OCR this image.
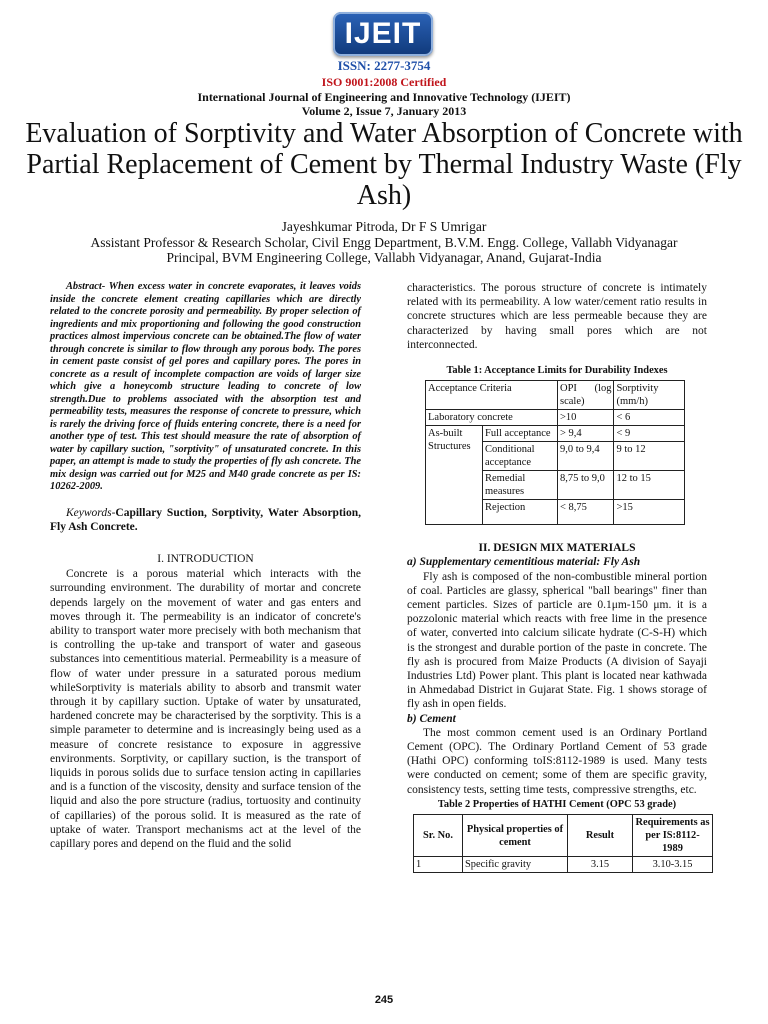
IJEIT
ISSN: 2277-3754
ISO 9001:2008 Certified
International Journal of Engineering and Innovative Technology (IJEIT)
Volume 2, Issue 7, January 2013
Evaluation of Sorptivity and Water Absorption of Concrete with Partial Replacement of Cement by Thermal Industry Waste (Fly Ash)
Jayeshkumar Pitroda, Dr F S Umrigar
Assistant Professor & Research Scholar, Civil Engg Department, B.V.M. Engg. College, Vallabh Vidyanagar
Principal, BVM Engineering College, Vallabh Vidyanagar, Anand, Gujarat-India

Abstract- When excess water in concrete evaporates, it leaves voids inside the concrete element creating capillaries which are directly related to the concrete porosity and permeability. By proper selection of ingredients and mix proportioning and following the good construction practices almost impervious concrete can be obtained.The flow of water through concrete is similar to flow through any porous body. The pores in cement paste consist of gel pores and capillary pores. The pores in concrete as a result of incomplete compaction are voids of larger size which give a honeycomb structure leading to concrete of low strength.Due to problems associated with the absorption test and permeability tests, measures the response of concrete to pressure, which is rarely the driving force of fluids entering concrete, there is a need for another type of test. This test should measure the rate of absorption of water by capillary suction, "sorptivity" of unsaturated concrete. In this paper, an attempt is made to study the properties of fly ash concrete. The mix design was carried out for M25 and M40 grade concrete as per IS: 10262-2009.

Keywords-Capillary Suction, Sorptivity, Water Absorption, Fly Ash Concrete.

I. INTRODUCTION

Concrete is a porous material which interacts with the surrounding environment. The durability of mortar and concrete depends largely on the movement of water and gas enters and moves through it. The permeability is an indicator of concrete's ability to transport water more precisely with both mechanism that is controlling the up-take and transport of water and gaseous substances into cementitious material. Permeability is a measure of flow of water under pressure in a saturated porous medium whileSorptivity is materials ability to absorb and transmit water through it by capillary suction. Uptake of water by unsaturated, hardened concrete may be characterised by the sorptivity. This is a simple parameter to determine and is increasingly being used as a measure of concrete resistance to exposure in aggressive environments. Sorptivity, or capillary suction, is the transport of liquids in porous solids due to surface tension acting in capillaries and is a function of the viscosity, density and surface tension of the liquid and also the pore structure (radius, tortuosity and continuity of capillaries) of the porous solid. It is measured as the rate of uptake of water. Transport mechanisms act at the level of the capillary pores and depend on the fluid and the solid

characteristics. The porous structure of concrete is intimately related with its permeability. A low water/cement ratio results in concrete structures which are less permeable because they are characterized by having small pores which are not interconnected.

Table 1: Acceptance Limits for Durability Indexes

Acceptance Criteria		OPI (log scale)	Sorptivity (mm/h)
Laboratory concrete		>10	< 6
As-built Structures	Full acceptance	> 9,4	< 9
	Conditional acceptance	9,0 to 9,4	9 to 12
	Remedial measures	8,75 to 9,0	12 to 15
	Rejection	< 8,75	>15

II. DESIGN MIX MATERIALS

a) Supplementary cementitious material: Fly Ash

Fly ash is composed of the non-combustible mineral portion of coal. Particles are glassy, spherical "ball bearings" finer than cement particles. Sizes of particle are 0.1μm-150 μm. it is a pozzolonic material which reacts with free lime in the presence of water, converted into calcium silicate hydrate (C-S-H) which is the strongest and durable portion of the paste in concrete. The fly ash is procured from Maize Products (A division of Sayaji Industries Ltd) Power plant. This plant is located near kathwada in Ahmedabad District in Gujarat State. Fig. 1 shows storage of fly ash in open fields.

b) Cement

The most common cement used is an Ordinary Portland Cement (OPC). The Ordinary Portland Cement of 53 grade (Hathi OPC) conforming toIS:8112-1989 is used. Many tests were conducted on cement; some of them are specific gravity, consistency tests, setting time tests, compressive strengths, etc.

Table 2 Properties of HATHI Cement (OPC 53 grade)

Sr. No.	Physical properties of cement	Result	Requirements as per IS:8112-1989
1	Specific gravity	3.15	3.10-3.15
245
